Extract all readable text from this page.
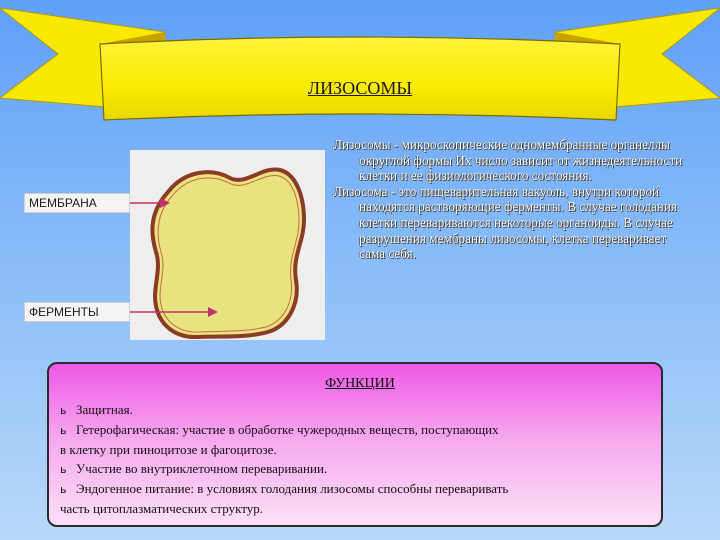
ЛИЗОСОМЫ
МЕМБРАНА
ФЕРМЕНТЫ

Лизосомы - микроскопические одномембранные органеллы округлой формы Их число зависит от жизнедеятельности клетки и ее физиологического состояния.

Лизосома - это пищеварительная вакуоль, внутри которой находятся растворяющие ферменты. В случае голодания клетки перевариваются некоторые органоиды. В случае разрушения мембраны лизосомы, клетка переваривает сама себя.

ФУНКЦИИ
ь Защитная.
ь Гетерофагическая: участие в обработке чужеродных веществ, поступающих
в клетку при пиноцитозе и фагоцитозе.
ь Участие во внутриклеточном переваривании.
ь Эндогенное питание: в условиях голодания лизосомы способны переваривать
часть цитоплазматических структур.
